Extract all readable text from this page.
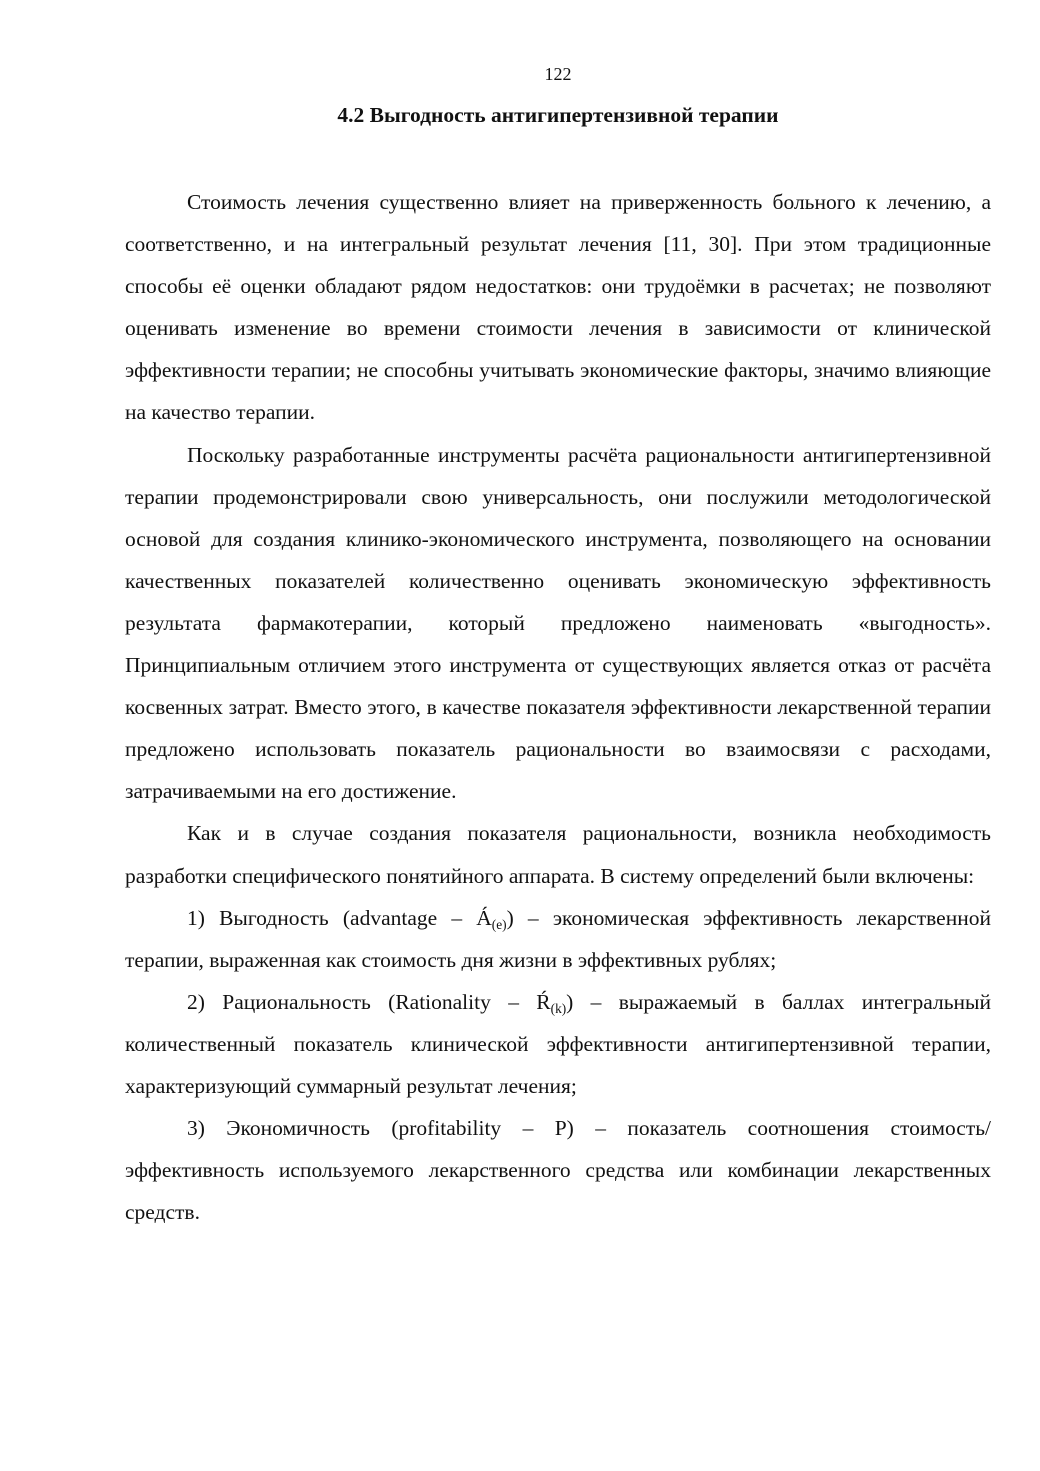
122
4.2 Выгодность антигипертензивной терапии

Стоимость лечения существенно влияет на приверженность больного к лечению, а соответственно, и на интегральный результат лечения [11, 30]. При этом традиционные способы её оценки обладают рядом недостатков: они трудоёмки в расчетах; не позволяют оценивать изменение во времени стоимости лечения в зависимости от клинической эффективности терапии; не способны учитывать экономические факторы, значимо влияющие на качество терапии.

Поскольку разработанные инструменты расчёта рациональности антигипертензивной терапии продемонстрировали свою универсальность, они послужили методологической основой для создания клинико-экономического инструмента, позволяющего на основании качественных показателей количественно оценивать экономическую эффективность результата фармакотерапии, который предложено наименовать «выгодность». Принципиальным отличием этого инструмента от существующих является отказ от расчёта косвенных затрат. Вместо этого, в качестве показателя эффективности лекарственной терапии предложено использовать показатель рациональности во взаимосвязи с расходами, затрачиваемыми на его достижение.

Как и в случае создания показателя рациональности, возникла необходимость разработки специфического понятийного аппарата. В систему определений были включены:

1) Выгодность (advantage – $Á_{(e)}$) – экономическая эффективность лекарственной терапии, выраженная как стоимость дня жизни в эффективных рублях;

2) Рациональность (Rationality – $Ŕ_{(k)}$) – выражаемый в баллах интегральный количественный показатель клинической эффективности антигипертензивной терапии, характеризующий суммарный результат лечения;

3) Экономичность (profitability – P) – показатель соотношения стоимость/эффективность используемого лекарственного средства или комбинации лекарственных средств.
